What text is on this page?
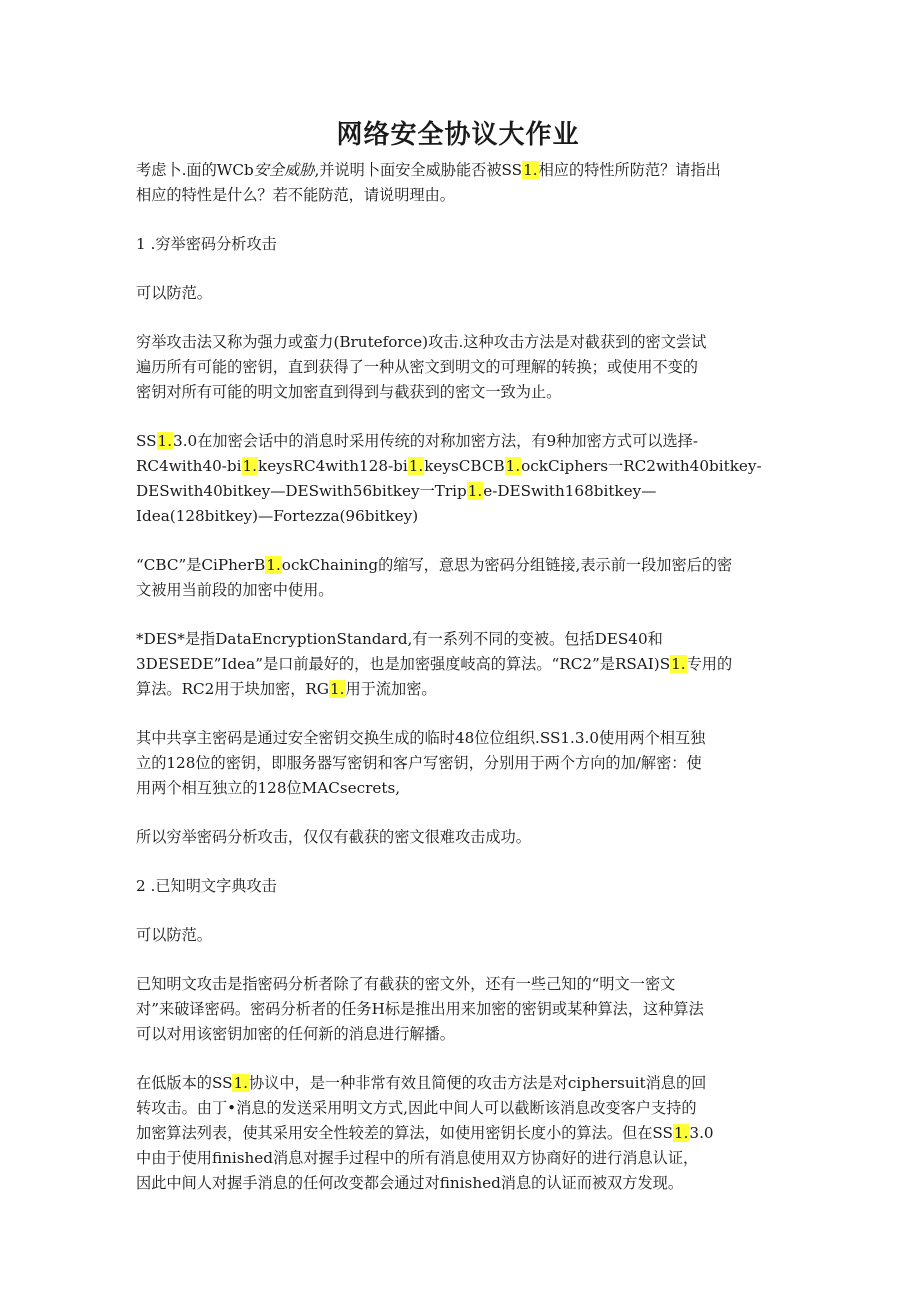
网络安全协议大作业
考虑卜.面的WCb安全威胁,并说明卜面安全威胁能否被SS1.相应的特性所防范？请指出
相应的特性是什么？若不能防范，请说明理由。
1 .穷举密码分析攻击
可以防范。
穷举攻击法又称为强力或蛮力(Bruteforce)攻击.这种攻击方法是对截获到的密文尝试
遍历所有可能的密钥，直到获得了一种从密文到明文的可理解的转换；或使用不变的
密钥对所有可能的明文加密直到得到与截获到的密文一致为止。
SS1.3.0在加密会话中的消息时采用传统的对称加密方法，有9种加密方式可以选择-
RC4with40-bi1.keysRC4with128-bi1.keysCBCB1.ockCiphers一RC2with40bitkey-
DESwith40bitkey—DESwith56bitkey一Trip1.e-DESwith168bitkey—
Idea(128bitkey)—Fortezza(96bitkey)
“CBC”是CiPherB1.ockChaining的缩写，意思为密码分组链接,表示前一段加密后的密
文被用当前段的加密中使用。
*DES*是指DataEncryptionStandard,有一系列不同的变被。包括DES40和
3DESEDE”Idea”是口前最好的，也是加密强度岐高的算法。“RC2”是RSAI)S1.专用的
算法。RC2用于块加密，RG1.用于流加密。
其中共享主密码是通过安全密钥交换生成的临时48位位组织.SS1.3.0使用两个相互独
立的128位的密钥，即服务器写密钥和客户写密钥，分别用于两个方向的加/解密：使
用两个相互独立的128位MACsecrets,
所以穷举密码分析攻击，仅仅有截获的密文很难攻击成功。
2 .已知明文字典攻击
可以防范。
已知明文攻击是指密码分析者除了有截获的密文外，还有一些己知的“明文一密文
对”来破译密码。密码分析者的任务H标是推出用来加密的密钥或某种算法，这种算法
可以对用该密钥加密的任何新的消息进行解播。
在低版本的SS1.协议中，是一种非常有效且简便的攻击方法是对ciphersuit消息的回
转攻击。由丁•消息的发送采用明文方式,因此中间人可以截断该消息改变客户支持的
加密算法列表，使其采用安全性较差的算法，如使用密钥长度小的算法。但在SS1.3.0
中由于使用finished消息对握手过程中的所有消息使用双方协商好的进行消息认证，
因此中间人对握手消息的任何改变都会通过对finished消息的认证而被双方发现。
